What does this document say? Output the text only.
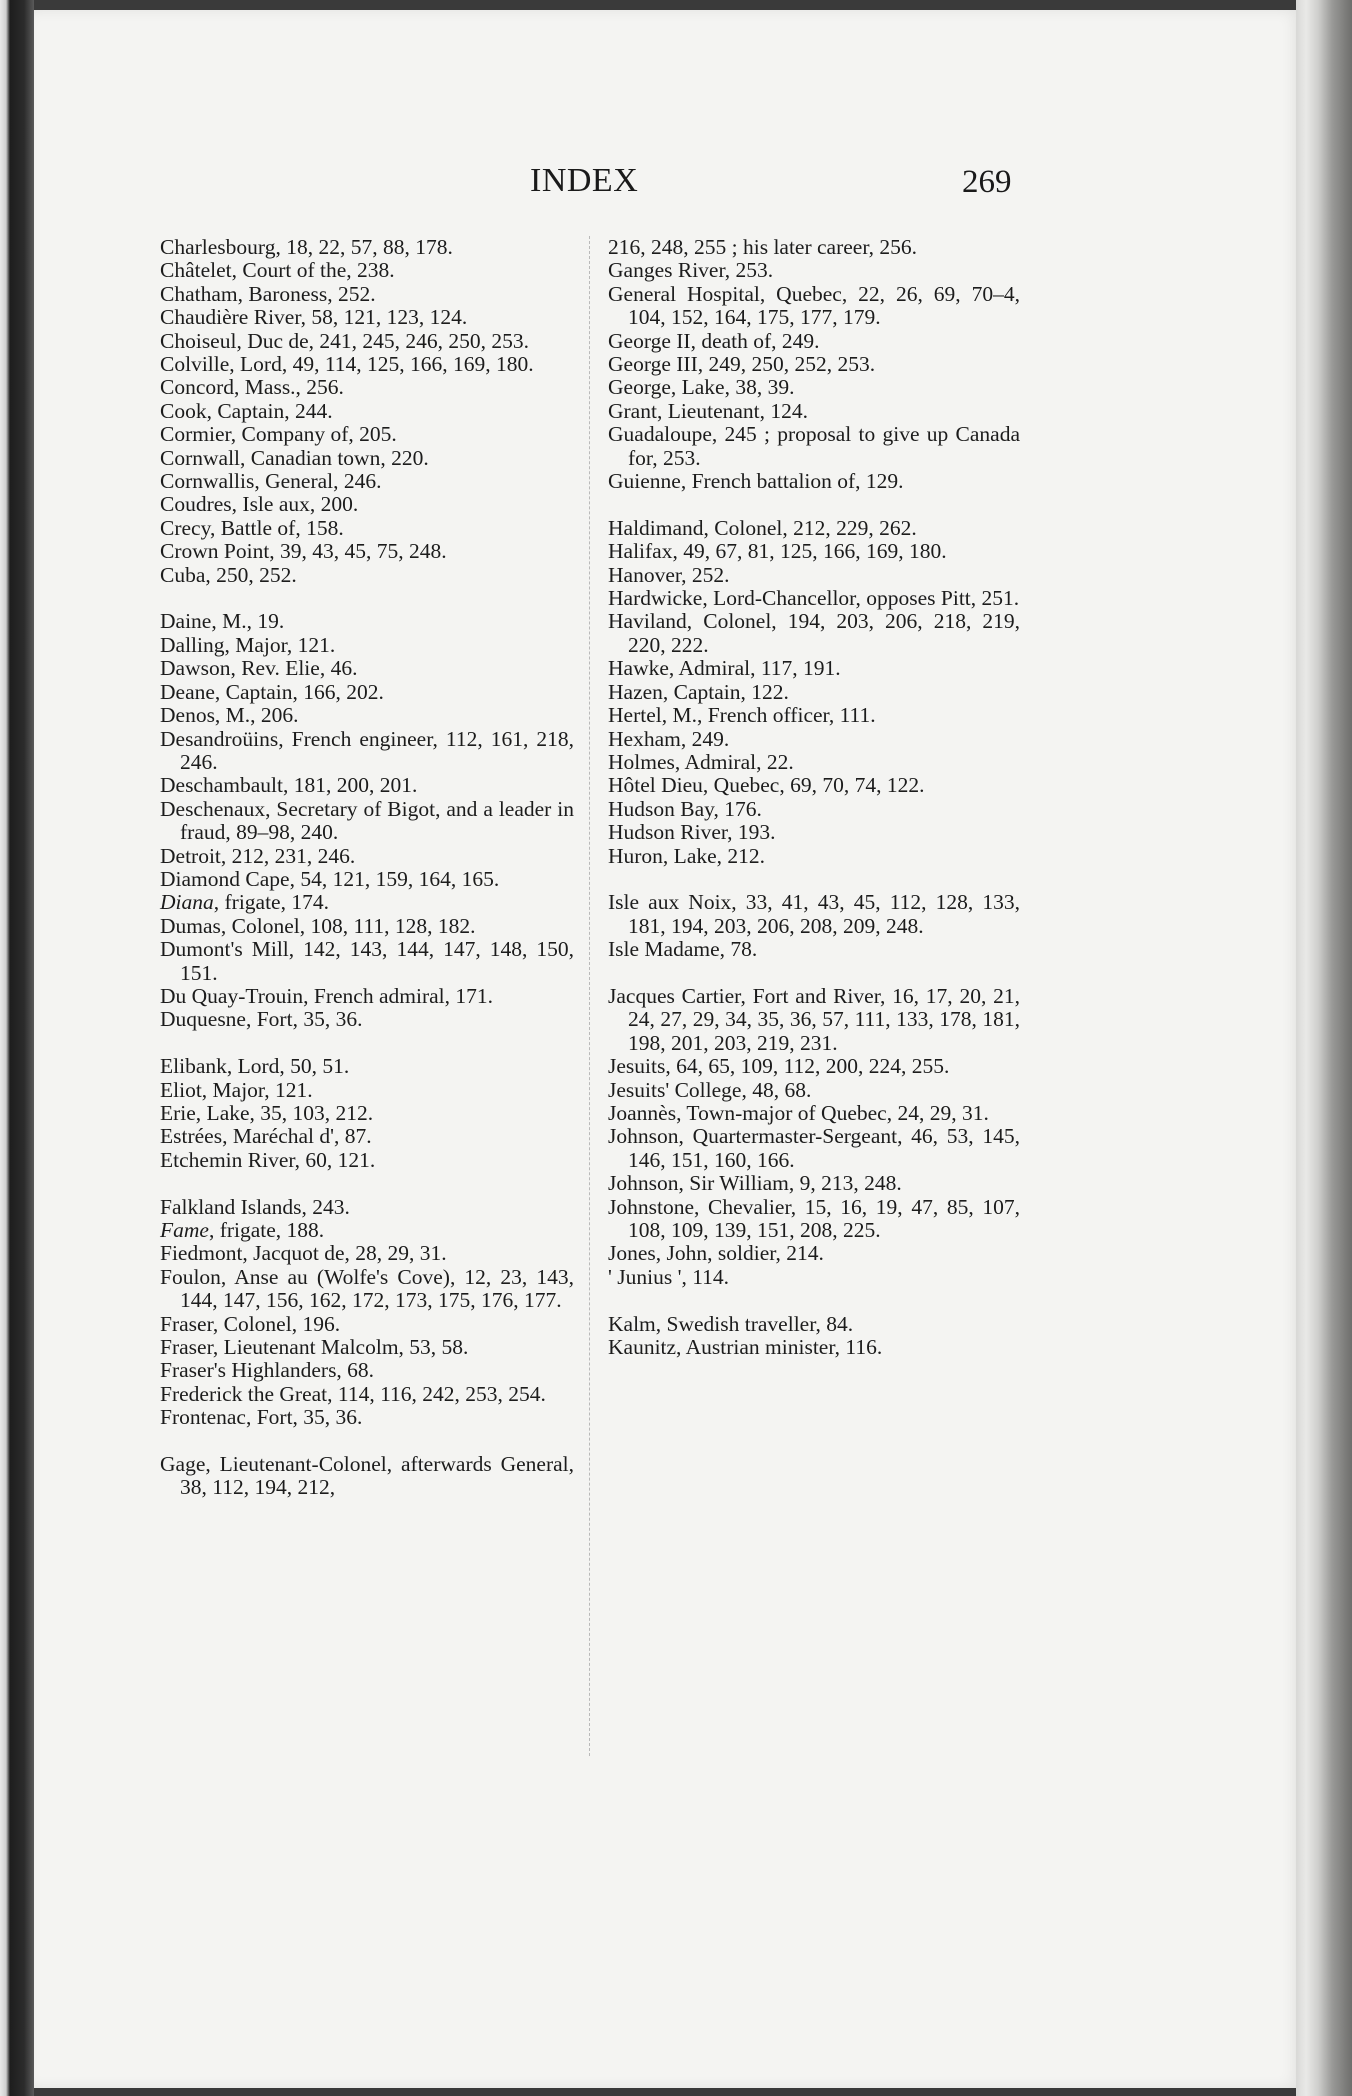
INDEX	269
Charlesbourg, 18, 22, 57, 88, 178.
Châtelet, Court of the, 238.
Chatham, Baroness, 252.
Chaudière River, 58, 121, 123, 124.
Choiseul, Duc de, 241, 245, 246, 250, 253.
Colville, Lord, 49, 114, 125, 166, 169, 180.
Concord, Mass., 256.
Cook, Captain, 244.
Cormier, Company of, 205.
Cornwall, Canadian town, 220.
Cornwallis, General, 246.
Coudres, Isle aux, 200.
Crecy, Battle of, 158.
Crown Point, 39, 43, 45, 75, 248.
Cuba, 250, 252.
Daine, M., 19.
Dalling, Major, 121.
Dawson, Rev. Elie, 46.
Deane, Captain, 166, 202.
Denos, M., 206.
Desandroüins, French engineer, 112, 161, 218, 246.
Deschambault, 181, 200, 201.
Deschenaux, Secretary of Bigot, and a leader in fraud, 89–98, 240.
Detroit, 212, 231, 246.
Diamond Cape, 54, 121, 159, 164, 165.
Diana, frigate, 174.
Dumas, Colonel, 108, 111, 128, 182.
Dumont's Mill, 142, 143, 144, 147, 148, 150, 151.
Du Quay-Trouin, French admiral, 171.
Duquesne, Fort, 35, 36.
Elibank, Lord, 50, 51.
Eliot, Major, 121.
Erie, Lake, 35, 103, 212.
Estrées, Maréchal d', 87.
Etchemin River, 60, 121.
Falkland Islands, 243.
Fame, frigate, 188.
Fiedmont, Jacquot de, 28, 29, 31.
Foulon, Anse au (Wolfe's Cove), 12, 23, 143, 144, 147, 156, 162, 172, 173, 175, 176, 177.
Fraser, Colonel, 196.
Fraser, Lieutenant Malcolm, 53, 58.
Fraser's Highlanders, 68.
Frederick the Great, 114, 116, 242, 253, 254.
Frontenac, Fort, 35, 36.
Gage, Lieutenant-Colonel, afterwards General, 38, 112, 194, 212,
216, 248, 255 ; his later career, 256.
Ganges River, 253.
General Hospital, Quebec, 22, 26, 69, 70–4, 104, 152, 164, 175, 177, 179.
George II, death of, 249.
George III, 249, 250, 252, 253.
George, Lake, 38, 39.
Grant, Lieutenant, 124.
Guadaloupe, 245 ; proposal to give up Canada for, 253.
Guienne, French battalion of, 129.
Haldimand, Colonel, 212, 229, 262.
Halifax, 49, 67, 81, 125, 166, 169, 180.
Hanover, 252.
Hardwicke, Lord-Chancellor, opposes Pitt, 251.
Haviland, Colonel, 194, 203, 206, 218, 219, 220, 222.
Hawke, Admiral, 117, 191.
Hazen, Captain, 122.
Hertel, M., French officer, 111.
Hexham, 249.
Holmes, Admiral, 22.
Hôtel Dieu, Quebec, 69, 70, 74, 122.
Hudson Bay, 176.
Hudson River, 193.
Huron, Lake, 212.
Isle aux Noix, 33, 41, 43, 45, 112, 128, 133, 181, 194, 203, 206, 208, 209, 248.
Isle Madame, 78.
Jacques Cartier, Fort and River, 16, 17, 20, 21, 24, 27, 29, 34, 35, 36, 57, 111, 133, 178, 181, 198, 201, 203, 219, 231.
Jesuits, 64, 65, 109, 112, 200, 224, 255.
Jesuits' College, 48, 68.
Joannès, Town-major of Quebec, 24, 29, 31.
Johnson, Quartermaster-Sergeant, 46, 53, 145, 146, 151, 160, 166.
Johnson, Sir William, 9, 213, 248.
Johnstone, Chevalier, 15, 16, 19, 47, 85, 107, 108, 109, 139, 151, 208, 225.
Jones, John, soldier, 214.
' Junius ', 114.
Kalm, Swedish traveller, 84.
Kaunitz, Austrian minister, 116.
